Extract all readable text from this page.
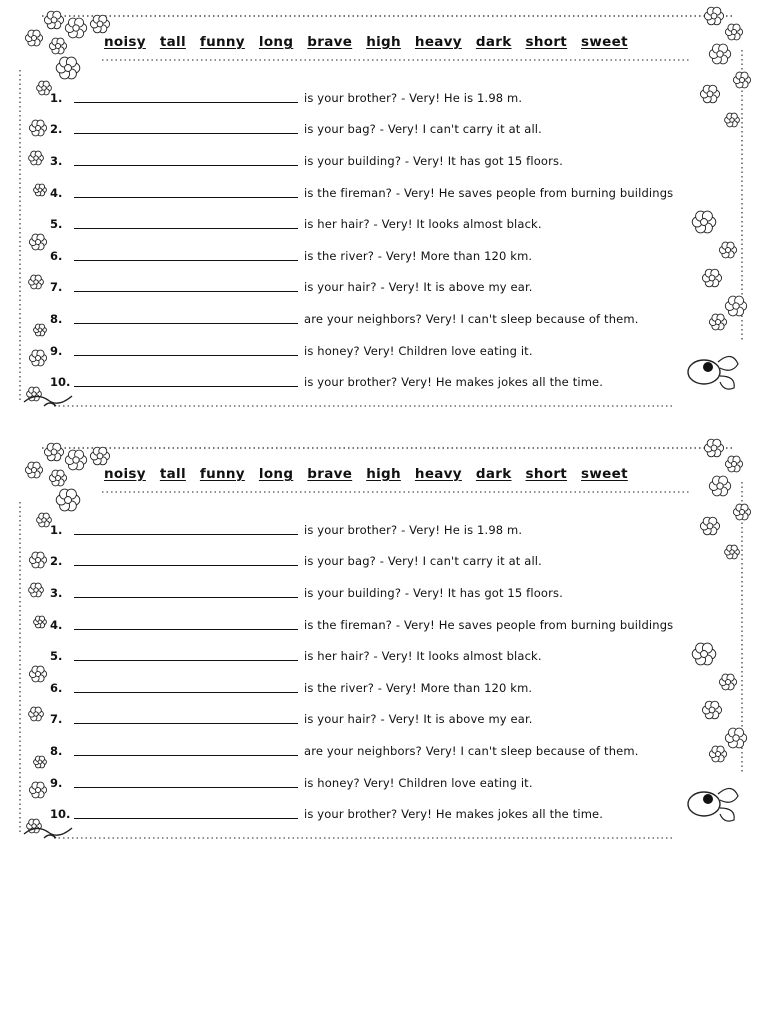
noisy tall funny long brave high heavy dark short sweet
1.	is your brother? - Very! He is 1.98 m.
2.	is your bag? - Very! I can't carry it at all.
3.	is your building? - Very! It has got 15 floors.
4.	is the fireman? - Very! He saves people from burning buildings
5.	is her hair? - Very! It looks almost black.
6.	is the river? - Very! More than 120 km.
7.	is your hair? - Very! It is above my ear.
8.	are your neighbors? Very! I can't sleep because of them.
9.	is honey? Very! Children love eating it.
10.	is your brother? Very! He makes jokes all the time.
noisy tall funny long brave high heavy dark short sweet
1.	is your brother? - Very! He is 1.98 m.
2.	is your bag? - Very! I can't carry it at all.
3.	is your building? - Very! It has got 15 floors.
4.	is the fireman? - Very! He saves people from burning buildings
5.	is her hair? - Very! It looks almost black.
6.	is the river? - Very! More than 120 km.
7.	is your hair? - Very! It is above my ear.
8.	are your neighbors? Very! I can't sleep because of them.
9.	is honey? Very! Children love eating it.
10.	is your brother? Very! He makes jokes all the time.
